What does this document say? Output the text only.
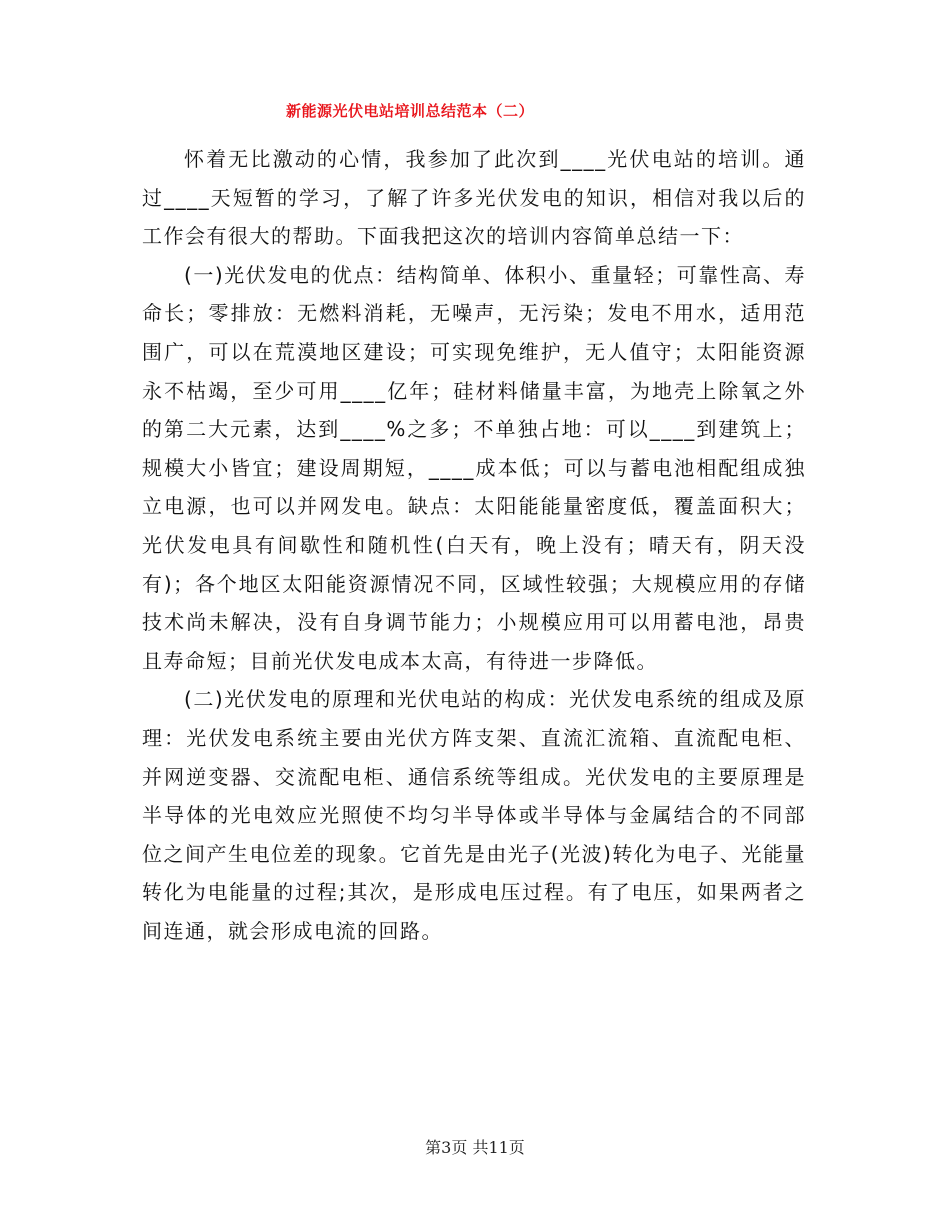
新能源光伏电站培训总结范本（二）

怀着无比激动的心情，我参加了此次到____光伏电站的培训。通过____天短暂的学习，了解了许多光伏发电的知识，相信对我以后的工作会有很大的帮助。下面我把这次的培训内容简单总结一下：

(一)光伏发电的优点：结构简单、体积小、重量轻；可靠性高、寿命长；零排放：无燃料消耗，无噪声，无污染；发电不用水，适用范围广，可以在荒漠地区建设；可实现免维护，无人值守；太阳能资源永不枯竭，至少可用____亿年；硅材料储量丰富，为地壳上除氧之外的第二大元素，达到____%之多；不单独占地：可以____到建筑上；规模大小皆宜；建设周期短，____成本低；可以与蓄电池相配组成独立电源，也可以并网发电。缺点：太阳能能量密度低，覆盖面积大；光伏发电具有间歇性和随机性(白天有，晚上没有；晴天有，阴天没有)；各个地区太阳能资源情况不同，区域性较强；大规模应用的存储技术尚未解决，没有自身调节能力；小规模应用可以用蓄电池，昂贵且寿命短；目前光伏发电成本太高，有待进一步降低。

(二)光伏发电的原理和光伏电站的构成：光伏发电系统的组成及原理：光伏发电系统主要由光伏方阵支架、直流汇流箱、直流配电柜、并网逆变器、交流配电柜、通信系统等组成。光伏发电的主要原理是半导体的光电效应光照使不均匀半导体或半导体与金属结合的不同部位之间产生电位差的现象。它首先是由光子(光波)转化为电子、光能量转化为电能量的过程;其次，是形成电压过程。有了电压，如果两者之间连通，就会形成电流的回路。

第3页 共11页
